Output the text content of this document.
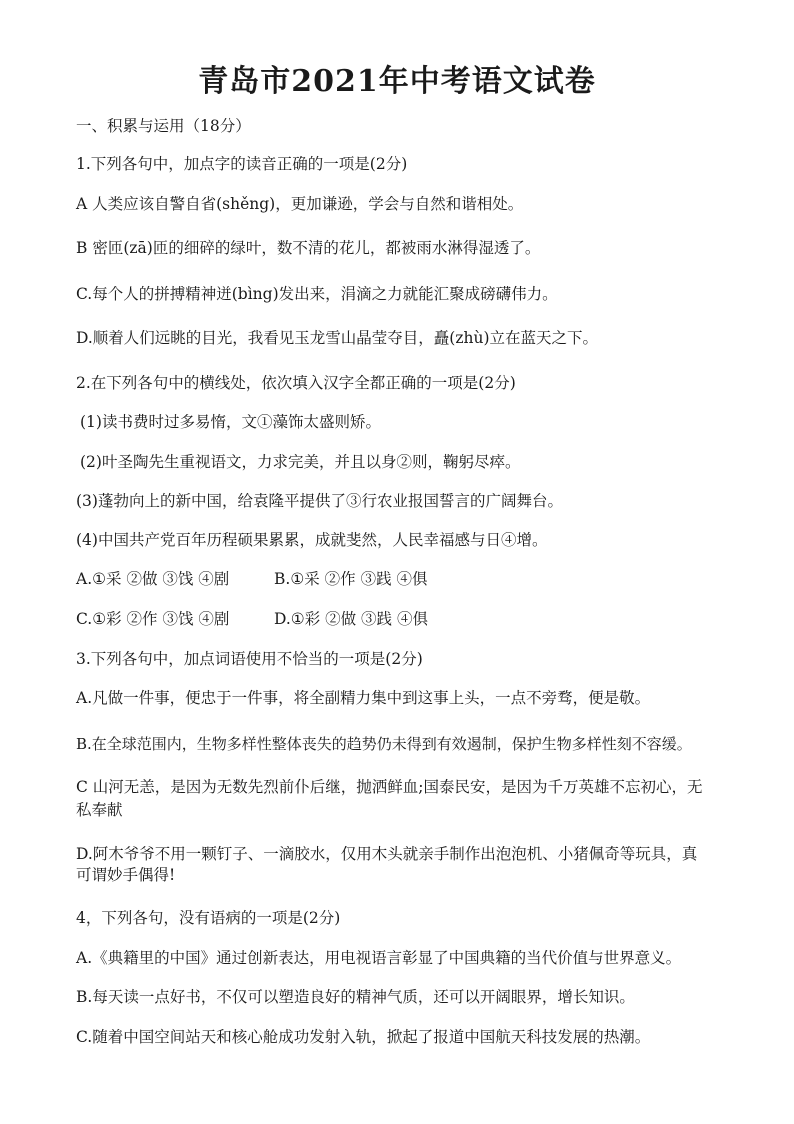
青岛市2021年中考语文试卷
一、积累与运用（18分）
1.下列各句中，加点字的读音正确的一项是(2分)
A 人类应该自警自省(shěng)，更加谦逊，学会与自然和谐相处。
B 密匝(zā)匝的细碎的绿叶，数不清的花儿，都被雨水淋得湿透了。
C.每个人的拼搏精神迸(bìng)发出来，涓滴之力就能汇聚成磅礴伟力。
D.顺着人们远眺的目光，我看见玉龙雪山晶莹夺目，矗(zhù)立在蓝天之下。
2.在下列各句中的横线处，依次填入汉字全都正确的一项是(2分)
(1)读书费时过多易惰，文①藻饰太盛则矫。
(2)叶圣陶先生重视语文，力求完美，并且以身②则，鞠躬尽瘁。
(3)蓬勃向上的新中国，给袁隆平提供了③行农业报国誓言的广阔舞台。
(4)中国共产党百年历程硕果累累，成就斐然，人民幸福感与日④增。
A.①采 ②做 ③饯 ④剧	B.①采 ②作 ③践 ④俱
C.①彩 ②作 ③饯 ④剧	D.①彩 ②做 ③践 ④俱
3.下列各句中，加点词语使用不恰当的一项是(2分)
A.凡做一件事，便忠于一件事，将全副精力集中到这事上头，一点不旁骛，便是敬。
B.在全球范围内，生物多样性整体丧失的趋势仍未得到有效遏制，保护生物多样性刻不容缓。
C 山河无恙，是因为无数先烈前仆后继，抛洒鲜血;国泰民安，是因为千万英雄不忘初心，无
私奉献
D.阿木爷爷不用一颗钉子、一滴胶水，仅用木头就亲手制作出泡泡机、小猪佩奇等玩具，真
可谓妙手偶得!
4，下列各句，没有语病的一项是(2分)
A.《典籍里的中国》通过创新表达，用电视语言彰显了中国典籍的当代价值与世界意义。
B.每天读一点好书，不仅可以塑造良好的精神气质，还可以开阔眼界，增长知识。
C.随着中国空间站天和核心舱成功发射入轨，掀起了报道中国航天科技发展的热潮。
